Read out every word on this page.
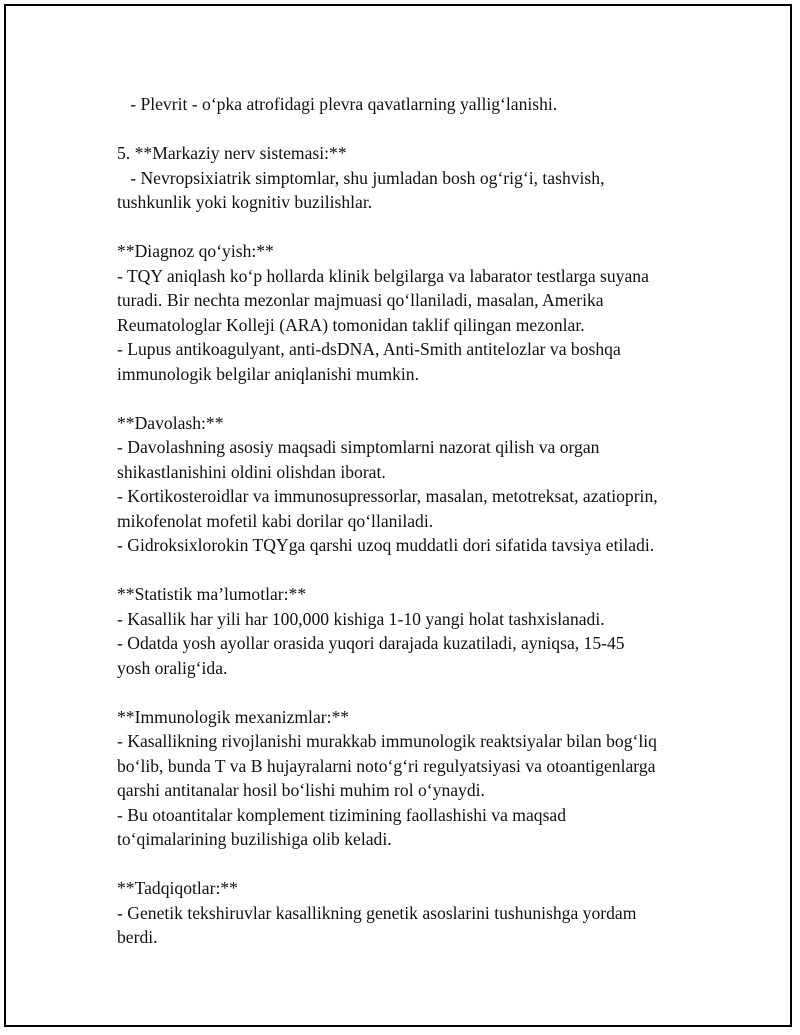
- Plevrit - o‘pka atrofidagi plevra qavatlarning yallig‘lanishi.
5. **Markaziy nerv sistemasi:**
- Nevropsixiatrik simptomlar, shu jumladan bosh og‘rig‘i, tashvish,
tushkunlik yoki kognitiv buzilishlar.
**Diagnoz qo‘yish:**
- TQY aniqlash ko‘p hollarda klinik belgilarga va labarator testlarga suyana
turadi. Bir nechta mezonlar majmuasi qo‘llaniladi, masalan, Amerika
Reumatologlar Kolleji (ARA) tomonidan taklif qilingan mezonlar.
- Lupus antikoagulyant, anti-dsDNA, Anti-Smith antitelozlar va boshqa
immunologik belgilar aniqlanishi mumkin.
**Davolash:**
- Davolashning asosiy maqsadi simptomlarni nazorat qilish va organ
shikastlanishini oldini olishdan iborat.
- Kortikosteroidlar va immunosupressorlar, masalan, metotreksat, azatioprin,
mikofenolat mofetil kabi dorilar qo‘llaniladi.
- Gidroksixlorokin TQYga qarshi uzoq muddatli dori sifatida tavsiya etiladi.
**Statistik ma’lumotlar:**
- Kasallik har yili har 100,000 kishiga 1-10 yangi holat tashxislanadi.
- Odatda yosh ayollar orasida yuqori darajada kuzatiladi, ayniqsa, 15-45
yosh oralig‘ida.
**Immunologik mexanizmlar:**
- Kasallikning rivojlanishi murakkab immunologik reaktsiyalar bilan bog‘liq
bo‘lib, bunda T va B hujayralarni noto‘g‘ri regulyatsiyasi va otoantigenlarga
qarshi antitanalar hosil bo‘lishi muhim rol o‘ynaydi.
- Bu otoantitalar komplement tizimining faollashishi va maqsad
to‘qimalarining buzilishiga olib keladi.
**Tadqiqotlar:**
- Genetik tekshiruvlar kasallikning genetik asoslarini tushunishga yordam
berdi.
